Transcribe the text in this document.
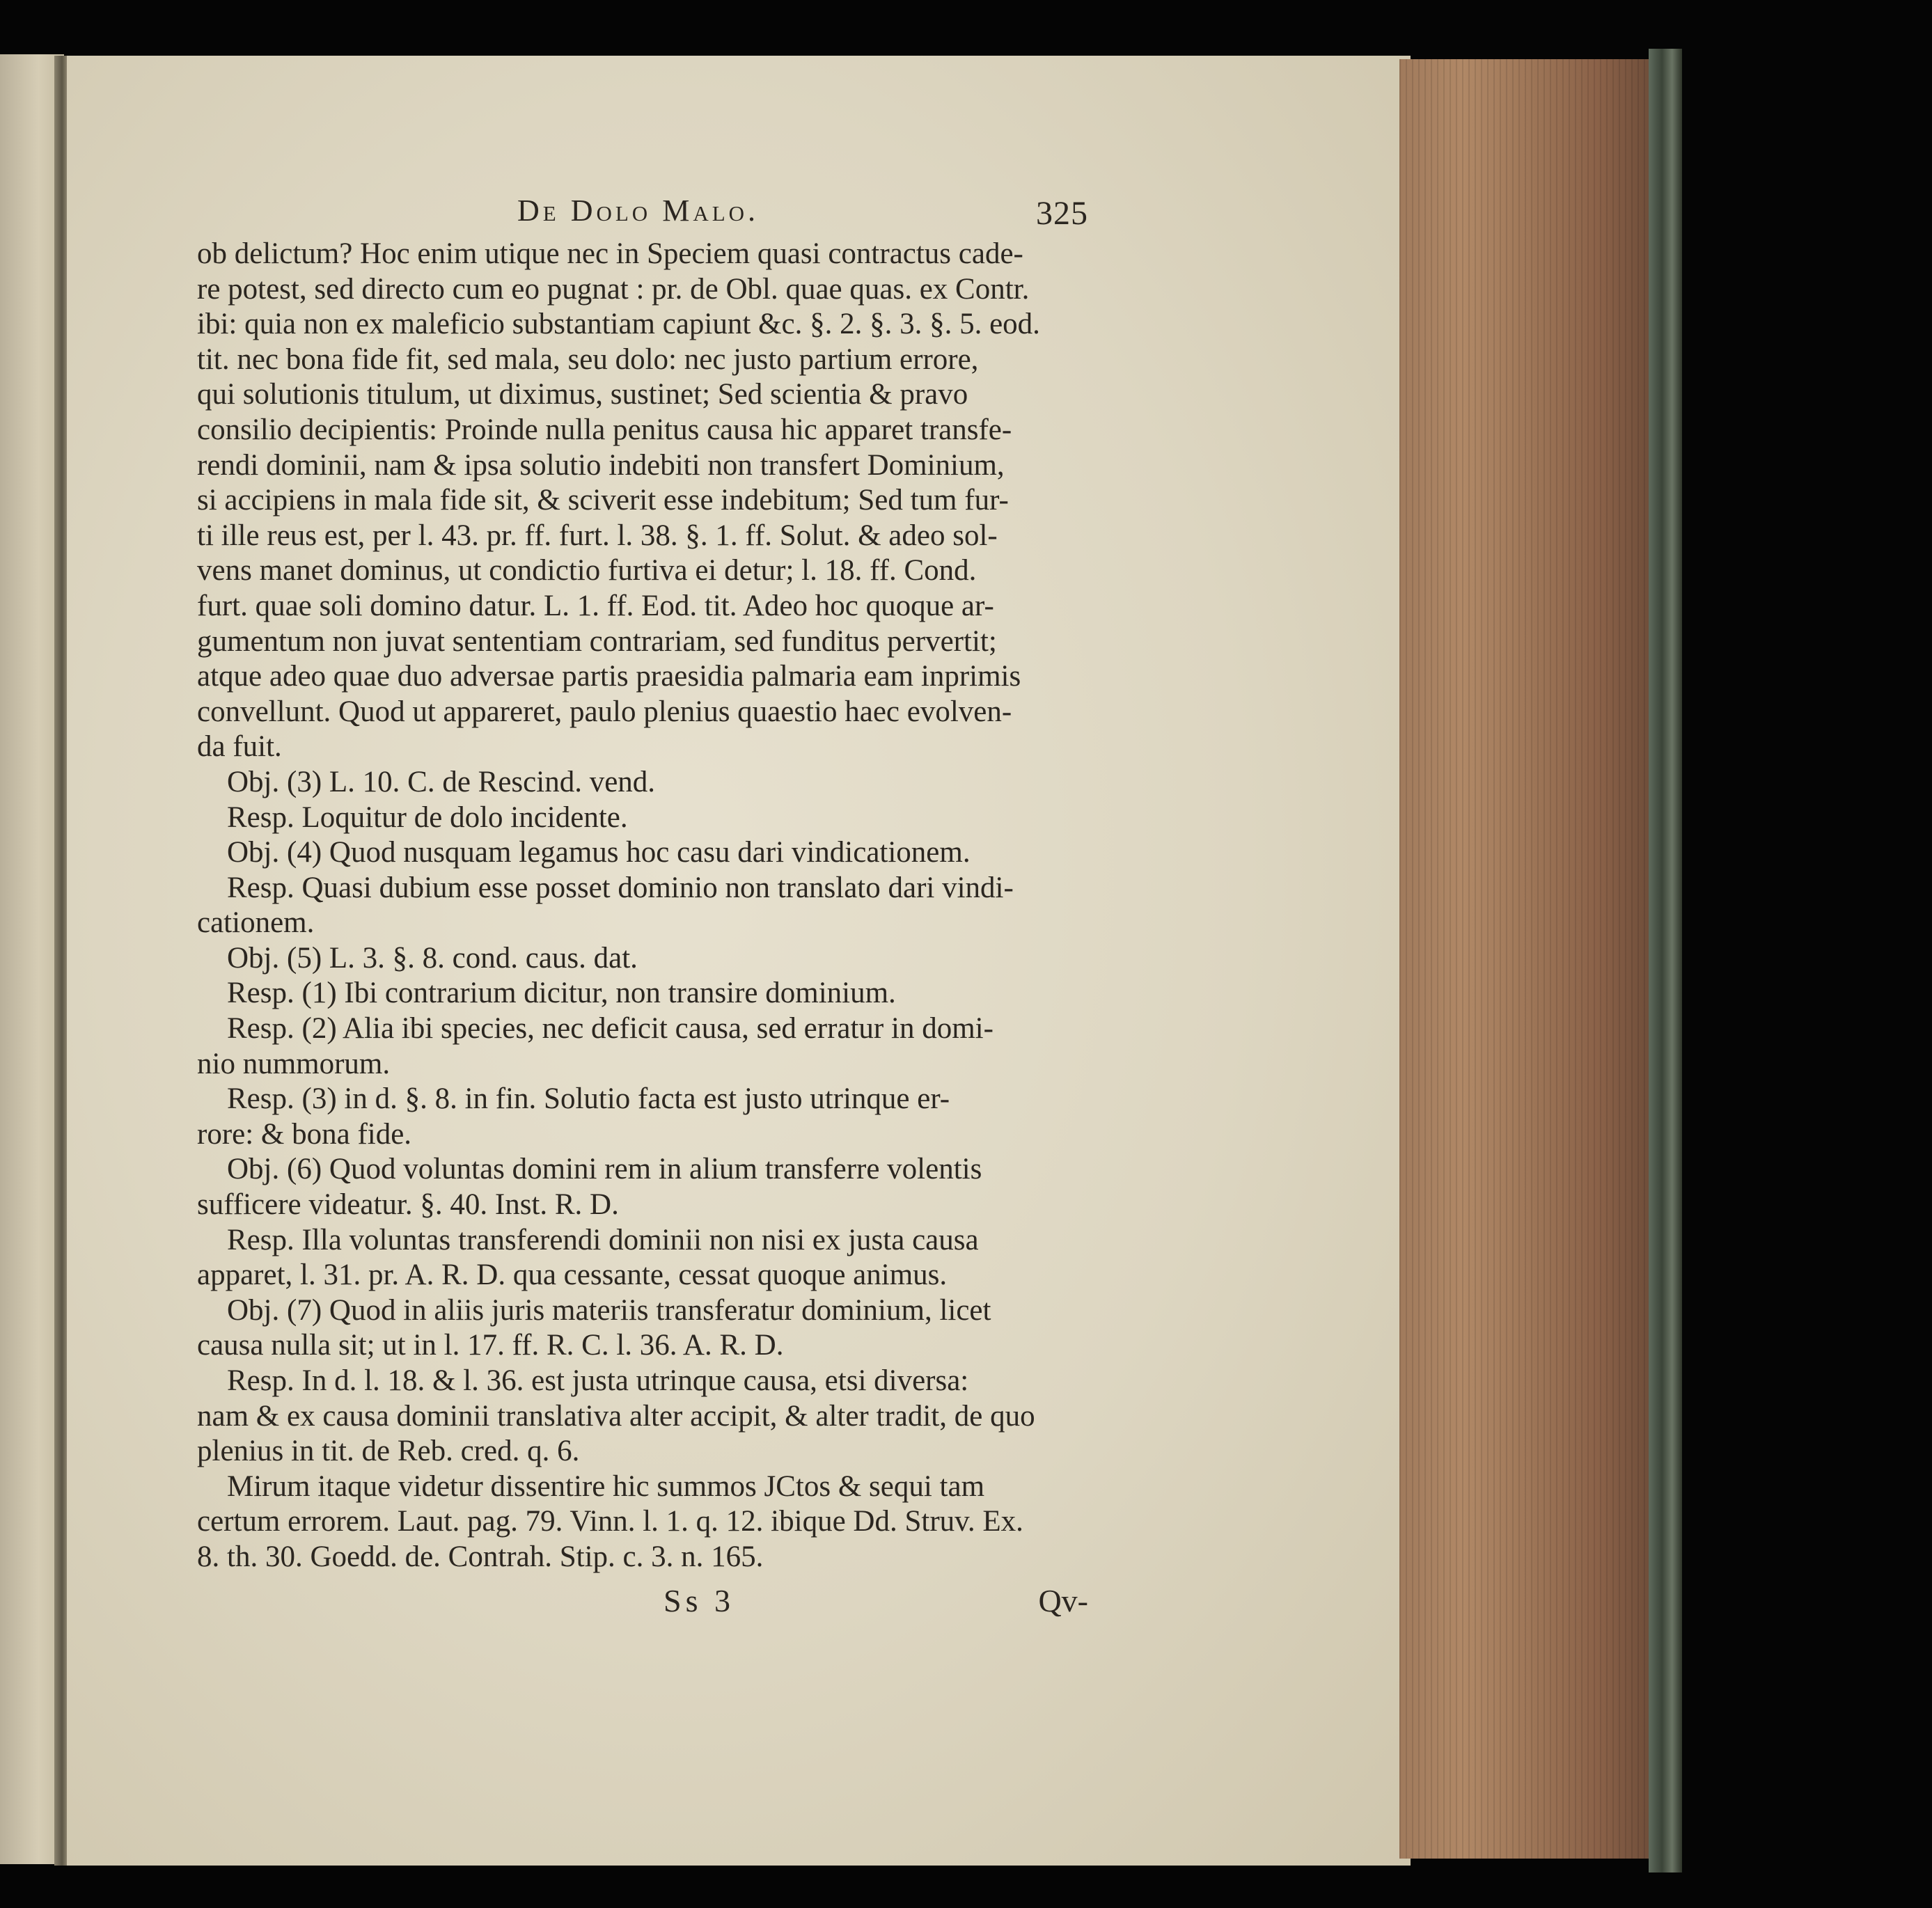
De Dolo Malo.	325
ob delictum? Hoc enim utique nec in Speciem quasi contractus cade-
re potest, sed directo cum eo pugnat : pr. de Obl. quae quas. ex Contr.
ibi: quia non ex maleficio substantiam capiunt &c. §. 2. §. 3. §. 5. eod.
tit. nec bona fide fit, sed mala, seu dolo: nec justo partium errore,
qui solutionis titulum, ut diximus, sustinet; Sed scientia & pravo
consilio decipientis: Proinde nulla penitus causa hic apparet transfe-
rendi dominii, nam & ipsa solutio indebiti non transfert Dominium,
si accipiens in mala fide sit, & sciverit esse indebitum; Sed tum fur-
ti ille reus est, per l. 43. pr. ff. furt. l. 38. §. 1. ff. Solut. & adeo sol-
vens manet dominus, ut condictio furtiva ei detur; l. 18. ff. Cond.
furt. quae soli domino datur. L. 1. ff. Eod. tit. Adeo hoc quoque ar-
gumentum non juvat sententiam contrariam, sed funditus pervertit;
atque adeo quae duo adversae partis praesidia palmaria eam inprimis
convellunt. Quod ut appareret, paulo plenius quaestio haec evolven-
da fuit.
Obj. (3) L. 10. C. de Rescind. vend.
Resp. Loquitur de dolo incidente.
Obj. (4) Quod nusquam legamus hoc casu dari vindicationem.
Resp. Quasi dubium esse posset dominio non translato dari vindi-
cationem.
Obj. (5) L. 3. §. 8. cond. caus. dat.
Resp. (1) Ibi contrarium dicitur, non transire dominium.
Resp. (2) Alia ibi species, nec deficit causa, sed erratur in domi-
nio nummorum.
Resp. (3) in d. §. 8. in fin. Solutio facta est justo utrinque er-
rore: & bona fide.
Obj. (6) Quod voluntas domini rem in alium transferre volentis
sufficere videatur. §. 40. Inst. R. D.
Resp. Illa voluntas transferendi dominii non nisi ex justa causa
apparet, l. 31. pr. A. R. D. qua cessante, cessat quoque animus.
Obj. (7) Quod in aliis juris materiis transferatur dominium, licet
causa nulla sit; ut in l. 17. ff. R. C. l. 36. A. R. D.
Resp. In d. l. 18. & l. 36. est justa utrinque causa, etsi diversa:
nam & ex causa dominii translativa alter accipit, & alter tradit, de quo
plenius in tit. de Reb. cred. q. 6.
Mirum itaque videtur dissentire hic summos JCtos & sequi tam
certum errorem. Laut. pag. 79. Vinn. l. 1. q. 12. ibique Dd. Struv. Ex.
8. th. 30. Goedd. de. Contrah. Stip. c. 3. n. 165.
Ss 3	Qv-
